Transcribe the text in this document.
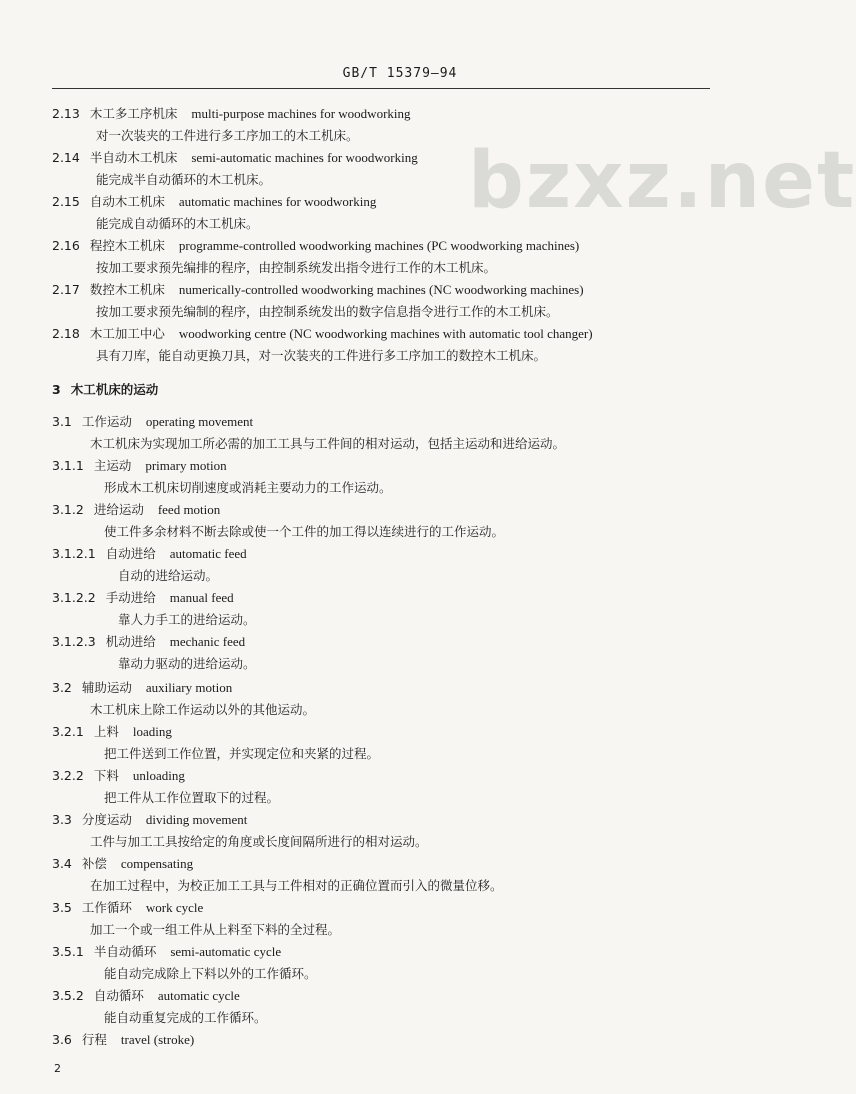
GB/T 15379—94
bzxz.net
2.13 木工多工序机床 multi-purpose machines for woodworking
对一次装夹的工件进行多工序加工的木工机床。
2.14 半自动木工机床 semi-automatic machines for woodworking
能完成半自动循环的木工机床。
2.15 自动木工机床 automatic machines for woodworking
能完成自动循环的木工机床。
2.16 程控木工机床 programme-controlled woodworking machines (PC woodworking machines)
按加工要求预先编排的程序，由控制系统发出指令进行工作的木工机床。
2.17 数控木工机床 numerically-controlled woodworking machines (NC woodworking machines)
按加工要求预先编制的程序，由控制系统发出的数字信息指令进行工作的木工机床。
2.18 木工加工中心 woodworking centre (NC woodworking machines with automatic tool changer)
具有刀库，能自动更换刀具，对一次装夹的工件进行多工序加工的数控木工机床。
3 木工机床的运动
3.1 工作运动 operating movement
木工机床为实现加工所必需的加工工具与工件间的相对运动，包括主运动和进给运动。
3.1.1 主运动 primary motion
形成木工机床切削速度或消耗主要动力的工作运动。
3.1.2 进给运动 feed motion
使工件多余材料不断去除或使一个工件的加工得以连续进行的工作运动。
3.1.2.1 自动进给 automatic feed
自动的进给运动。
3.1.2.2 手动进给 manual feed
靠人力手工的进给运动。
3.1.2.3 机动进给 mechanic feed
靠动力驱动的进给运动。
3.2 辅助运动 auxiliary motion
木工机床上除工作运动以外的其他运动。
3.2.1 上料 loading
把工件送到工作位置，并实现定位和夹紧的过程。
3.2.2 下料 unloading
把工件从工作位置取下的过程。
3.3 分度运动 dividing movement
工件与加工工具按给定的角度或长度间隔所进行的相对运动。
3.4 补偿 compensating
在加工过程中，为校正加工工具与工件相对的正确位置而引入的微量位移。
3.5 工作循环 work cycle
加工一个或一组工件从上料至下料的全过程。
3.5.1 半自动循环 semi-automatic cycle
能自动完成除上下料以外的工作循环。
3.5.2 自动循环 automatic cycle
能自动重复完成的工作循环。
3.6 行程 travel (stroke)
2
